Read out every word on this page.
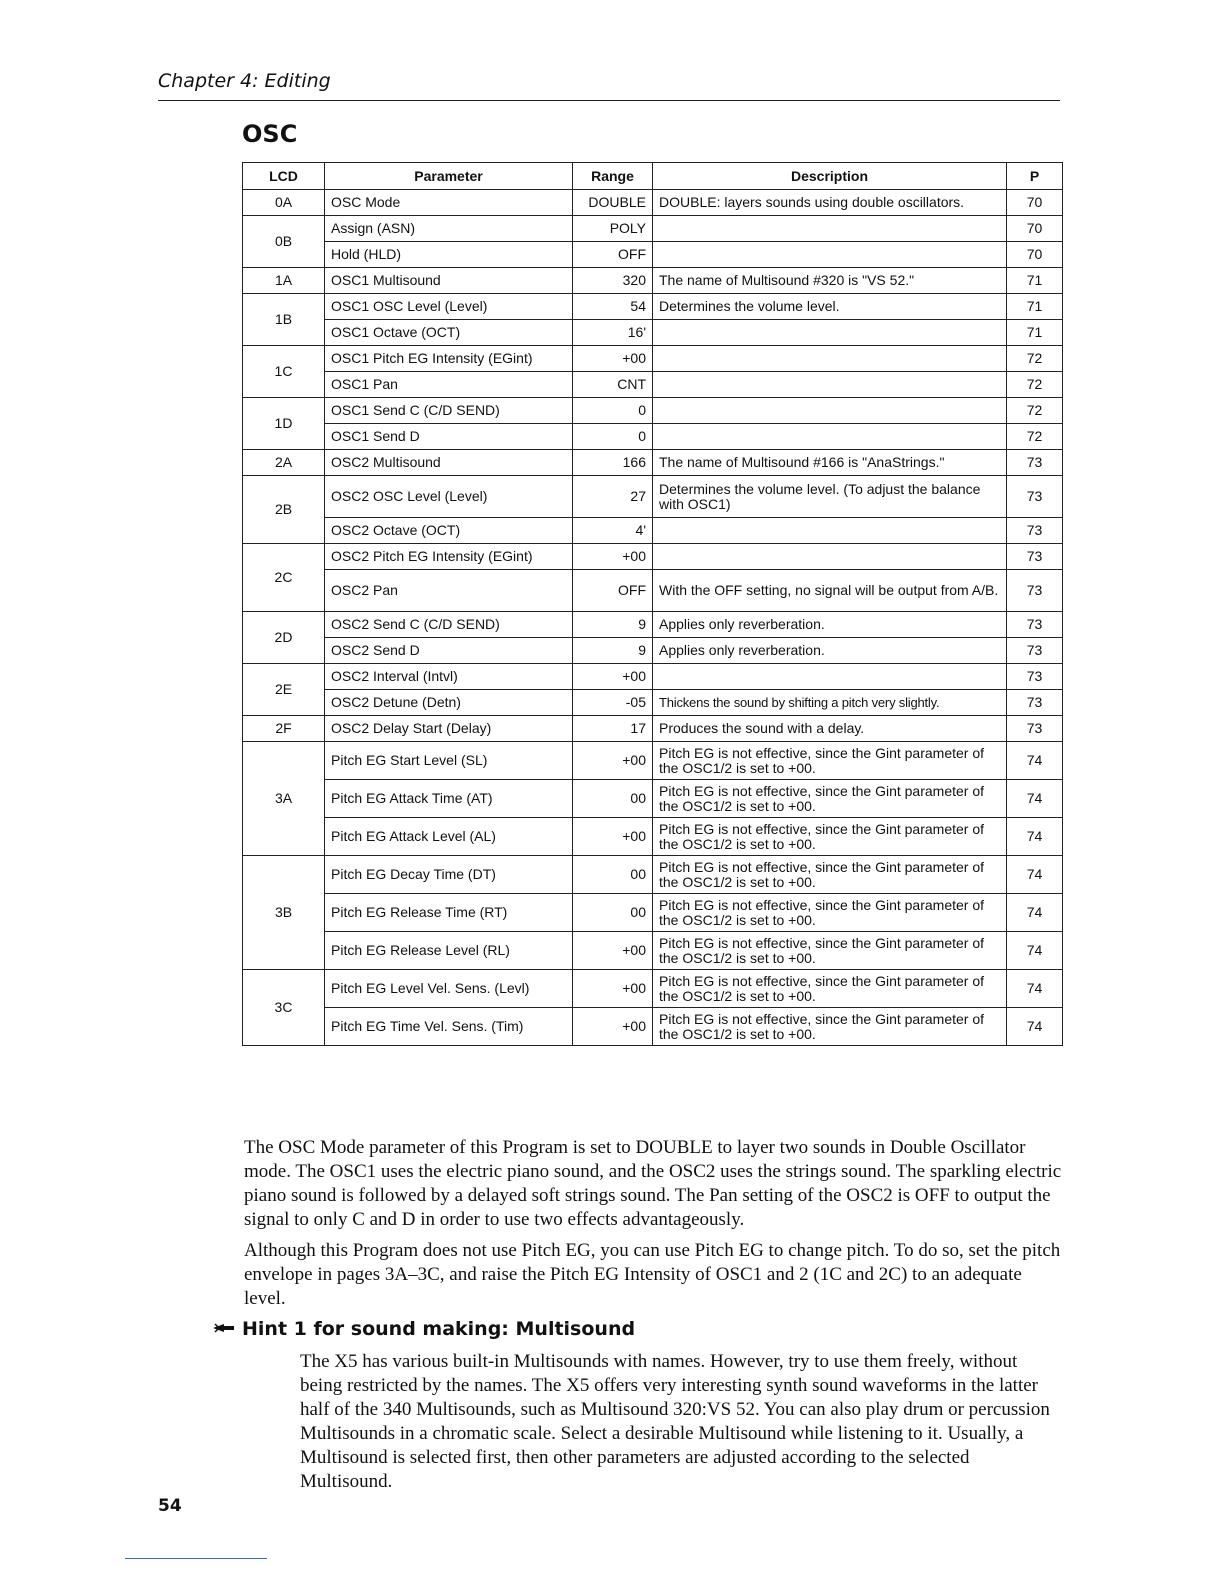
Chapter 4: Editing
OSC
LCD	Parameter	Range	Description	P
0A	OSC Mode	DOUBLE	DOUBLE: layers sounds using double oscillators.	70
0B	Assign (ASN)	POLY		70
	Hold (HLD)	OFF		70
1A	OSC1 Multisound	320	The name of Multisound #320 is "VS 52."	71
1B	OSC1 OSC Level (Level)	54	Determines the volume level.	71
	OSC1 Octave (OCT)	16'		71
1C	OSC1 Pitch EG Intensity (EGint)	+00		72
	OSC1 Pan	CNT		72
1D	OSC1 Send C (C/D SEND)	0		72
	OSC1 Send D	0		72
2A	OSC2 Multisound	166	The name of Multisound #166 is "AnaStrings."	73
2B	OSC2 OSC Level (Level)	27	Determines the volume level. (To adjust the balance with OSC1)	73
	OSC2 Octave (OCT)	4'		73
2C	OSC2 Pitch EG Intensity (EGint)	+00		73
	OSC2 Pan	OFF	With the OFF setting, no signal will be output from A/B.	73
2D	OSC2 Send C (C/D SEND)	9	Applies only reverberation.	73
	OSC2 Send D	9	Applies only reverberation.	73
2E	OSC2 Interval (Intvl)	+00		73
	OSC2 Detune (Detn)	-05	Thickens the sound by shifting a pitch very slightly.	73
2F	OSC2 Delay Start (Delay)	17	Produces the sound with a delay.	73
3A	Pitch EG Start Level (SL)	+00	Pitch EG is not effective, since the Gint parameter of the OSC1/2 is set to +00.	74
	Pitch EG Attack Time (AT)	00	Pitch EG is not effective, since the Gint parameter of the OSC1/2 is set to +00.	74
	Pitch EG Attack Level (AL)	+00	Pitch EG is not effective, since the Gint parameter of the OSC1/2 is set to +00.	74
3B	Pitch EG Decay Time (DT)	00	Pitch EG is not effective, since the Gint parameter of the OSC1/2 is set to +00.	74
	Pitch EG Release Time (RT)	00	Pitch EG is not effective, since the Gint parameter of the OSC1/2 is set to +00.	74
	Pitch EG Release Level (RL)	+00	Pitch EG is not effective, since the Gint parameter of the OSC1/2 is set to +00.	74
3C	Pitch EG Level Vel. Sens. (Levl)	+00	Pitch EG is not effective, since the Gint parameter of the OSC1/2 is set to +00.	74
	Pitch EG Time Vel. Sens. (Tim)	+00	Pitch EG is not effective, since the Gint parameter of the OSC1/2 is set to +00.	74

The OSC Mode parameter of this Program is set to DOUBLE to layer two sounds in Double Oscillator mode. The OSC1 uses the electric piano sound, and the OSC2 uses the strings sound. The sparkling electric piano sound is followed by a delayed soft strings sound. The Pan setting of the OSC2 is OFF to output the signal to only C and D in order to use two effects advantageously.

Although this Program does not use Pitch EG, you can use Pitch EG to change pitch. To do so, set the pitch envelope in pages 3A–3C, and raise the Pitch EG Intensity of OSC1 and 2 (1C and 2C) to an adequate level.

Hint 1 for sound making: Multisound
The X5 has various built-in Multisounds with names. However, try to use them freely, without being restricted by the names. The X5 offers very interesting synth sound waveforms in the latter half of the 340 Multisounds, such as Multisound 320:VS 52. You can also play drum or percussion Multisounds in a chromatic scale. Select a desirable Multisound while listening to it. Usually, a Multisound is selected first, then other parameters are adjusted according to the selected Multisound.
54
